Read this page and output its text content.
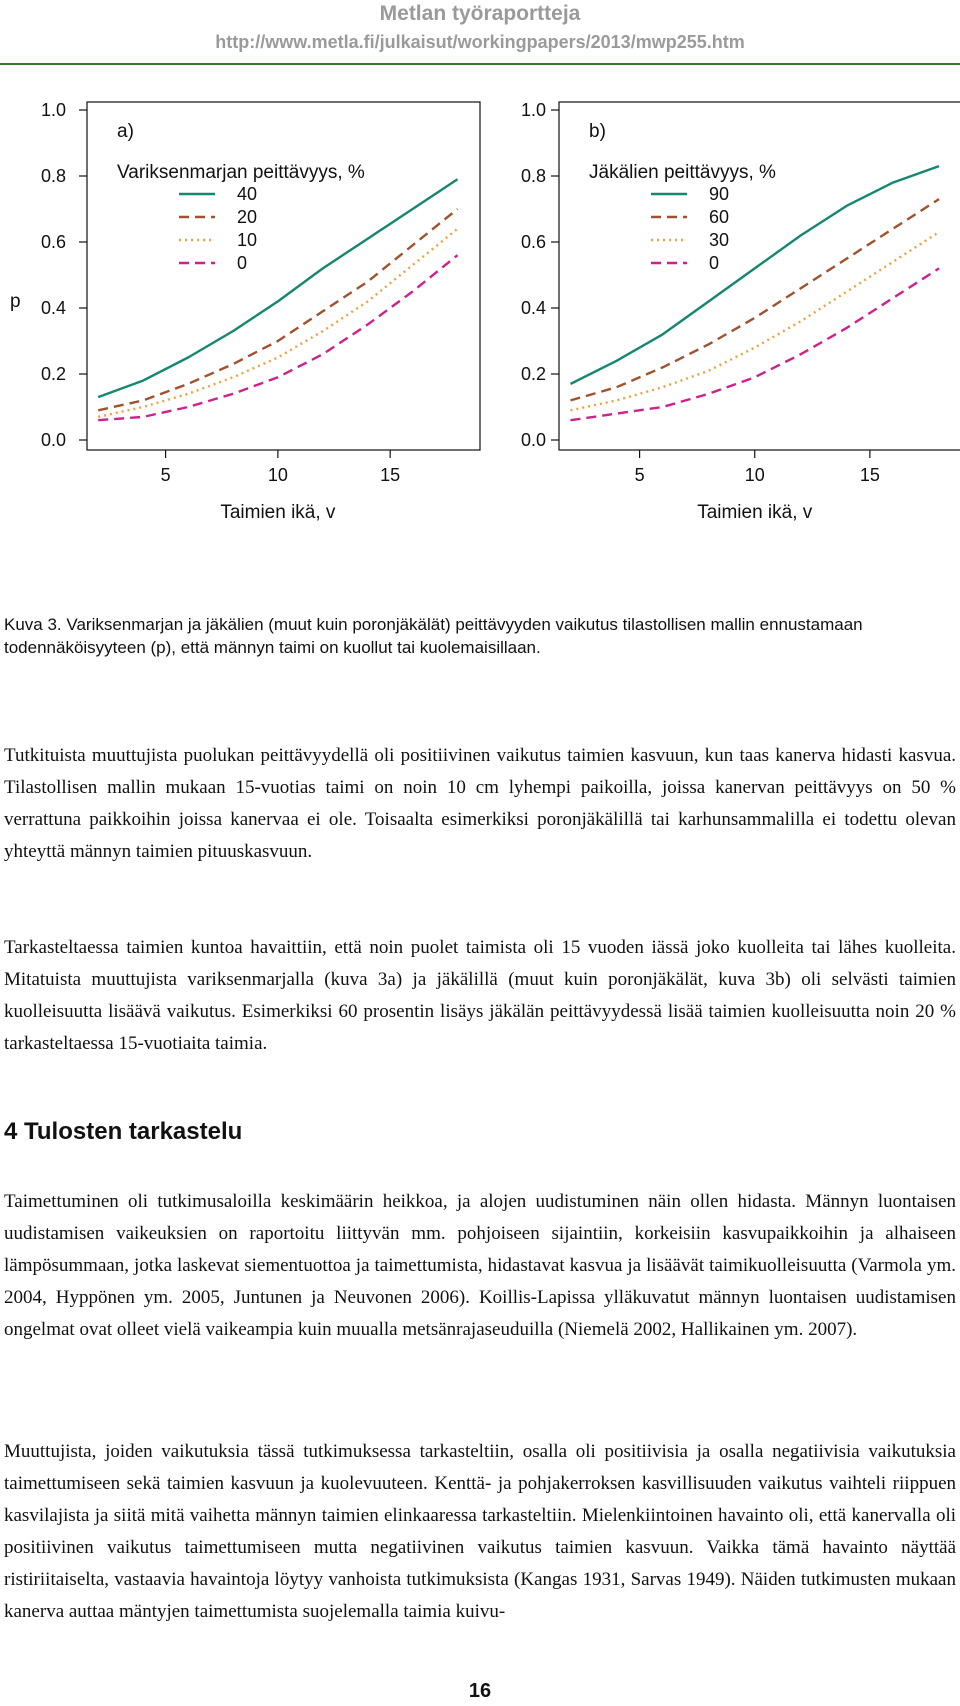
Metlan työraportteja
http://www.metla.fi/julkaisut/workingpapers/2013/mwp255.htm
p
1.0
0.8
0.6
0.4
0.2
0.0
5	10	15
Taimien ikä, v
a)
Variksenmarjan peittävyys, %
40
20
10
0
1.0
0.8
0.6
0.4
0.2
0.0
5	10	15
Taimien ikä, v
b)
Jäkälien peittävyys, %
90
60
30
0
Kuva 3. Variksenmarjan ja jäkälien (muut kuin poronjäkälät) peittävyyden vaikutus tilastollisen mallin ennustamaan todennäköisyyteen (p), että männyn taimi on kuollut tai kuolemaisillaan.

Tutkituista muuttujista puolukan peittävyydellä oli positiivinen vaikutus taimien kasvuun, kun taas kanerva hidasti kasvua. Tilastollisen mallin mukaan 15-vuotias taimi on noin 10 cm lyhempi paikoilla, joissa kanervan peittävyys on 50 % verrattuna paikkoihin joissa kanervaa ei ole. Toisaalta esimerkiksi poronjäkälillä tai karhunsammalilla ei todettu olevan yhteyttä männyn taimien pituuskasvuun.

Tarkasteltaessa taimien kuntoa havaittiin, että noin puolet taimista oli 15 vuoden iässä joko kuolleita tai lähes kuolleita. Mitatuista muuttujista variksenmarjalla (kuva 3a) ja jäkälillä (muut kuin poronjäkälät, kuva 3b) oli selvästi taimien kuolleisuutta lisäävä vaikutus. Esimerkiksi 60 prosentin lisäys jäkälän peittävyydessä lisää taimien kuolleisuutta noin 20 % tarkasteltaessa 15-vuotiaita taimia.

4 Tulosten tarkastelu

Taimettuminen oli tutkimusaloilla keskimäärin heikkoa, ja alojen uudistuminen näin ollen hidasta. Männyn luontaisen uudistamisen vaikeuksien on raportoitu liittyvän mm. pohjoiseen sijaintiin, korkeisiin kasvupaikkoihin ja alhaiseen lämpösummaan, jotka laskevat siementuottoa ja taimettumista, hidastavat kasvua ja lisäävät taimikuolleisuutta (Varmola ym. 2004, Hyppönen ym. 2005, Juntunen ja Neuvonen 2006). Koillis-Lapissa ylläkuvatut männyn luontaisen uudistamisen ongelmat ovat olleet vielä vaikeampia kuin muualla metsänrajaseuduilla (Niemelä 2002, Hallikainen ym. 2007).

Muuttujista, joiden vaikutuksia tässä tutkimuksessa tarkasteltiin, osalla oli positiivisia ja osalla negatiivisia vaikutuksia taimettumiseen sekä taimien kasvuun ja kuolevuuteen. Kenttä- ja pohjakerroksen kasvillisuuden vaikutus vaihteli riippuen kasvilajista ja siitä mitä vaihetta männyn taimien elinkaaressa tarkasteltiin. Mielenkiintoinen havainto oli, että kanervalla oli positiivinen vaikutus taimettumiseen mutta negatiivinen vaikutus taimien kasvuun. Vaikka tämä havainto näyttää ristiriitaiselta, vastaavia havaintoja löytyy vanhoista tutkimuksista (Kangas 1931, Sarvas 1949). Näiden tutkimusten mukaan kanerva auttaa mäntyjen taimettumista suojelemalla taimia kuivu-

16
